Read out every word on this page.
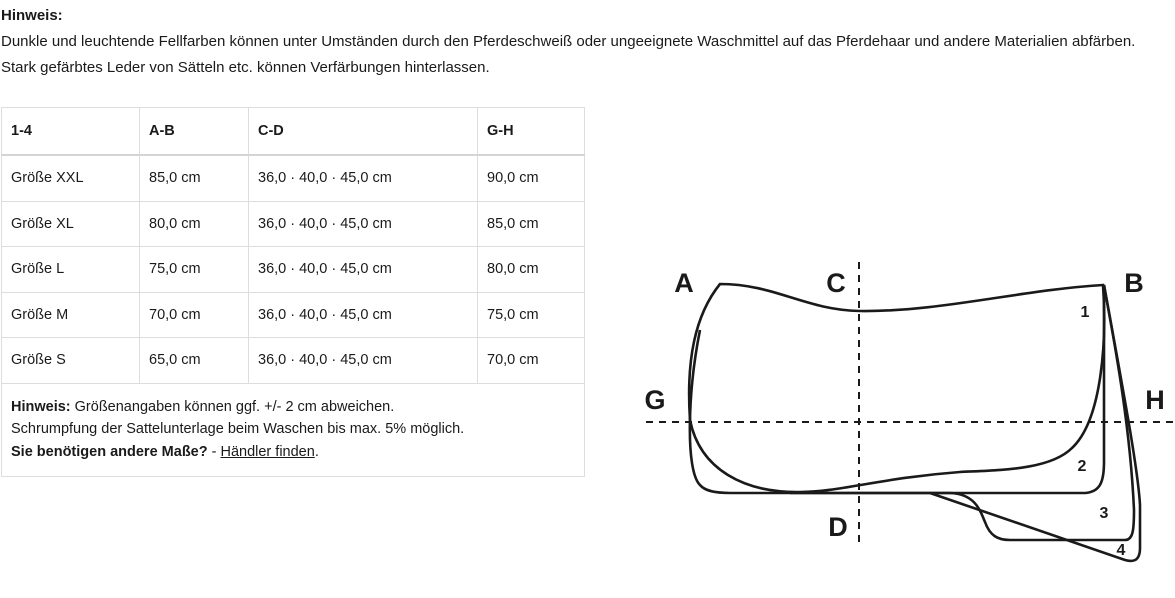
Hinweis:

Dunkle und leuchtende Fellfarben können unter Umständen durch den Pferdeschweiß oder ungeeignete Waschmittel auf das Pferdehaar und andere Materialien abfärben.

Stark gefärbtes Leder von Sätteln etc. können Verfärbungen hinterlassen.

1-4	A-B	C-D	G-H
Größe XXL	85,0 cm	36,0 · 40,0 · 45,0 cm	90,0 cm
Größe XL	80,0 cm	36,0 · 40,0 · 45,0 cm	85,0 cm
Größe L	75,0 cm	36,0 · 40,0 · 45,0 cm	80,0 cm
Größe M	70,0 cm	36,0 · 40,0 · 45,0 cm	75,0 cm
Größe S	65,0 cm	36,0 · 40,0 · 45,0 cm	70,0 cm
Hinweis: Größenangaben können ggf. +/- 2 cm abweichen.
Schrumpfung der Sattelunterlage beim Waschen bis max. 5% möglich.
Sie benötigen andere Maße? - Händler finden.			
A	C	B
G	H
D
1
2
3
4
